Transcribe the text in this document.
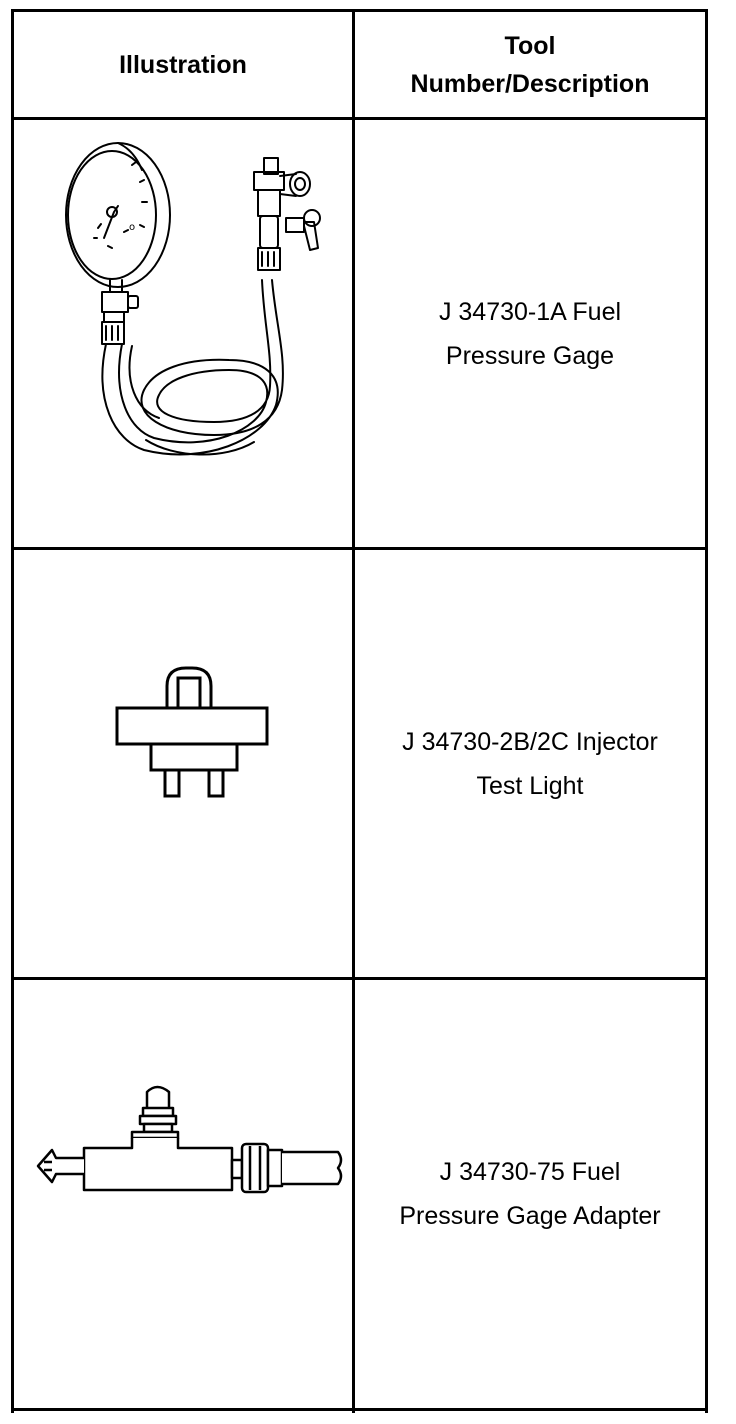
Illustration
Tool
Number/Description
o
J 34730-1A Fuel
Pressure Gage
J 34730-2B/2C Injector
Test Light
J 34730-75 Fuel
Pressure Gage Adapter
